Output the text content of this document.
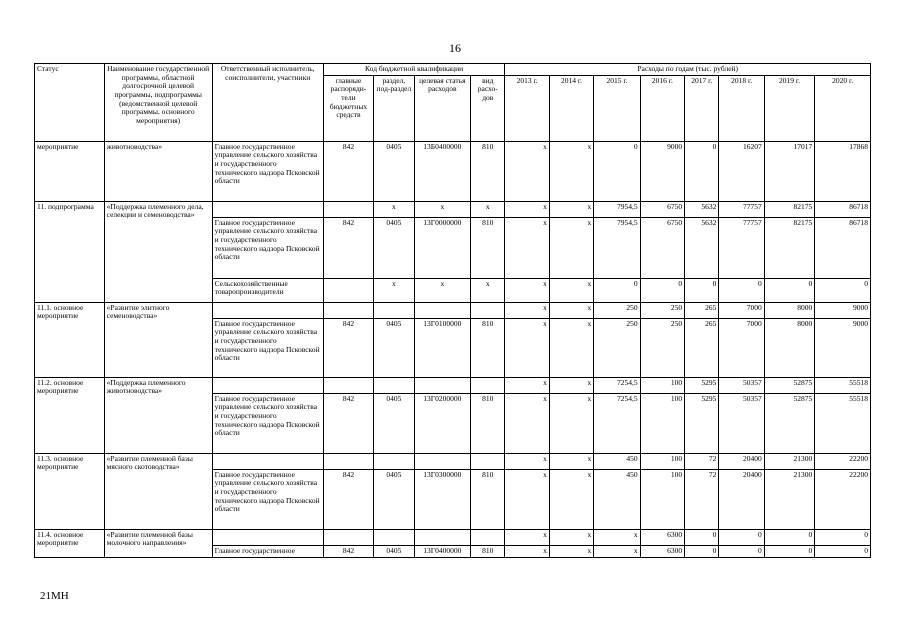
16
Статус	Наименование государственной программы, областной долгосрочной целевой программы, подпрограммы (ведомственной целевой программы, основного мероприятия)	Ответственный исполнитель, соисполнители, участники	Код бюджетной квалификации				Расходы по годам (тыс. рублей)							
			главные распоряди-тели бюджетных средств	раздел, под-раздел	целевая статья расходов	вид расхо-дов	2013 г.	2014 г.	2015 г.	2016 г.	2017 г.	2018 г.	2019 г.	2020 г.
мероприятие	животноводства»	Главное государственное управление сельского хозяйства и государственного технического надзора Псковской области	842	0405	13Б0400000	810	х	х	0	9000	0	16207	17017	17868
11. подпрограмма	«Поддержка племенного дела, селекции и семеноводства»			х	х	х	х	х	7954,5	6750	5632	77757	82175	86718
		Главное государственное управление сельского хозяйства и государственного технического надзора Псковской области	842	0405	13Г0000000	810	х	х	7954,5	6750	5632	77757	82175	86718
		Сельскохозяйственные товаропроизводители		х	х	х	х	х	0	0	0	0	0	0
11.1. основное мероприятие	«Развитие элитного семеноводства»						х	х	250	250	265	7000	8000	9000
		Главное государственное управление сельского хозяйства и государственного технического надзора Псковской области	842	0405	13Г0100000	810	х	х	250	250	265	7000	8000	9000
11.2. основное мероприятие	«Поддержка племенного животноводства»						х	х	7254,5	100	5295	50357	52875	55518
		Главное государственное управление сельского хозяйства и государственного технического надзора Псковской области	842	0405	13Г0200000	810	х	х	7254,5	100	5295	50357	52875	55518
11.3. основное мероприятие	«Развитие племенной базы мясного скотоводства»						х	х	450	100	72	20400	21300	22200
		Главное государственное управление сельского хозяйства и государственного технического надзора Псковской области	842	0405	13Г0300000	810	х	х	450	100	72	20400	21300	22200
11.4. основное мероприятие	«Развитие племенной базы молочного направления»						х	х	х	6300	0	0	0	0
		Главное государственное	842	0405	13Г0400000	810	х	х	х	6300	0	0	0	0
21МН
